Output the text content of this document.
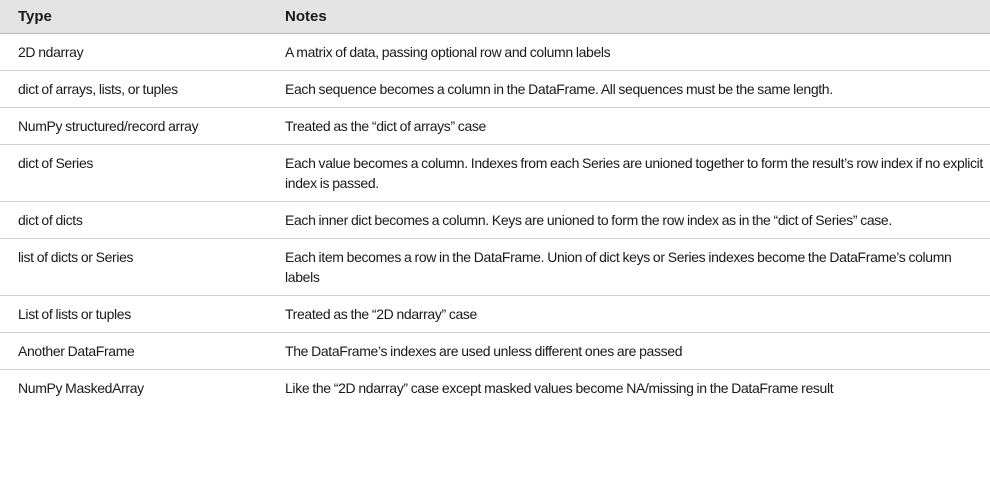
Type	Notes
2D ndarray	A matrix of data, passing optional row and column labels
dict of arrays, lists, or tuples	Each sequence becomes a column in the DataFrame. All sequences must be the same length.
NumPy structured/record array	Treated as the “dict of arrays” case
dict of Series	Each value becomes a column. Indexes from each Series are unioned together to form the result’s row index if no explicit index is passed.
dict of dicts	Each inner dict becomes a column. Keys are unioned to form the row index as in the “dict of Series” case.
list of dicts or Series	Each item becomes a row in the DataFrame. Union of dict keys or Series indexes become the DataFrame’s column labels
List of lists or tuples	Treated as the “2D ndarray” case
Another DataFrame	The DataFrame’s indexes are used unless different ones are passed
NumPy MaskedArray	Like the “2D ndarray” case except masked values become NA/missing in the DataFrame result
